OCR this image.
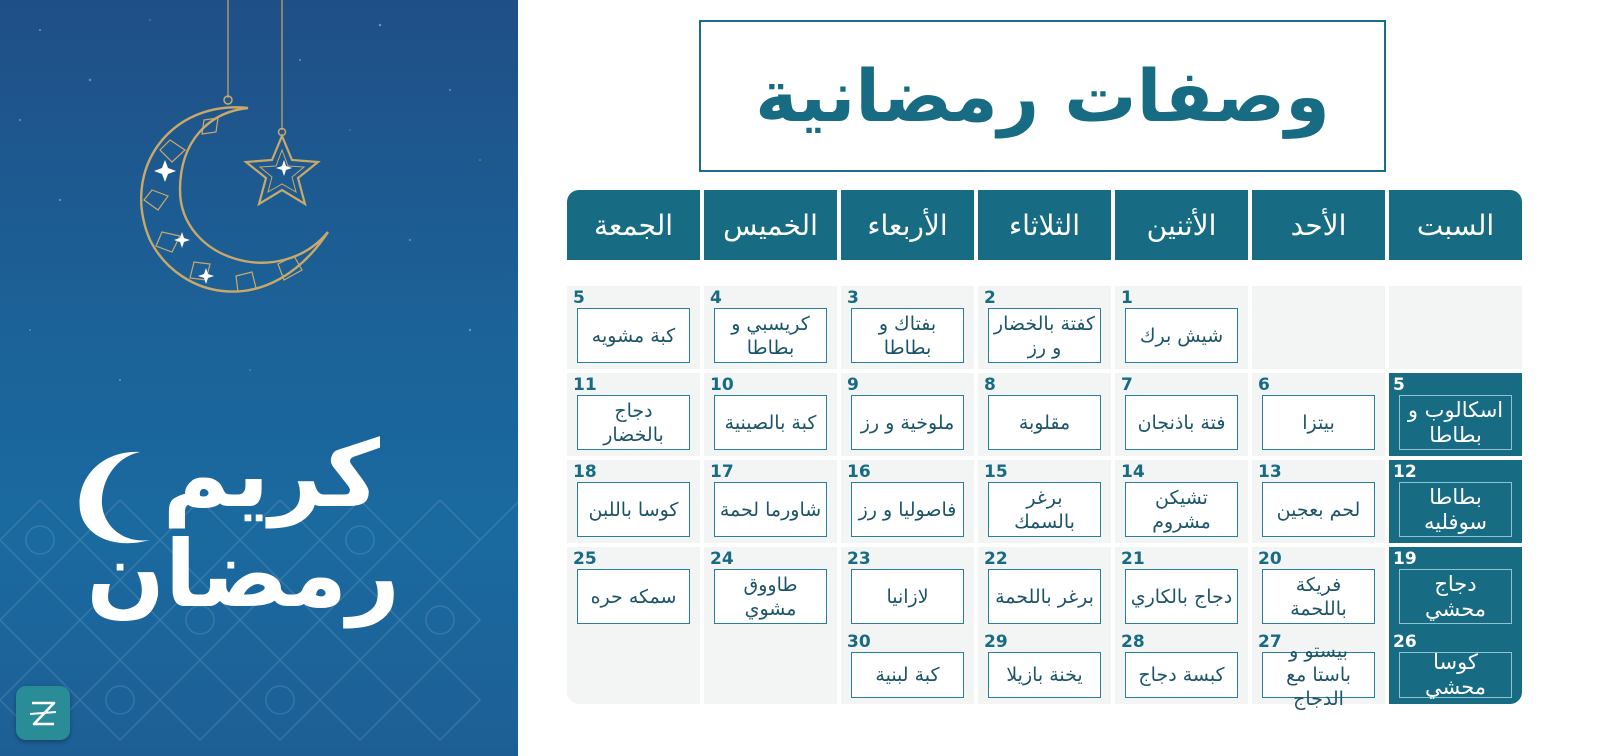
كريم
رمضان
وصفات رمضانية
السبت
الأحد
الأثنين
الثلاثاء
الأربعاء
الخميس
الجمعة
1
شيش برك
2
كفتة بالخضار و رز
3
بفتاك و بطاطا
4
كريسبي و بطاطا
5
كبة مشويه
5
اسكالوب و بطاطا
6
بيتزا
7
فتة باذنجان
8
مقلوبة
9
ملوخية و رز
10
كبة بالصينية
11
دجاج بالخضار
12
بطاطا سوفليه
13
لحم بعجين
14
تشيكن مشروم
15
برغر بالسمك
16
فاصوليا و رز
17
شاورما لحمة
18
كوسا باللبن
19
دجاج محشي
20
فريكة باللحمة
21
دجاج بالكاري
22
برغر باللحمة
23
لازانيا
24
طاووق مشوي
25
سمكه حره
26
كوسا محشي
27 بيستو و باستا مع الدجاج
28
كبسة دجاج
29
يخنة بازيلا
30
كبة لبنية
